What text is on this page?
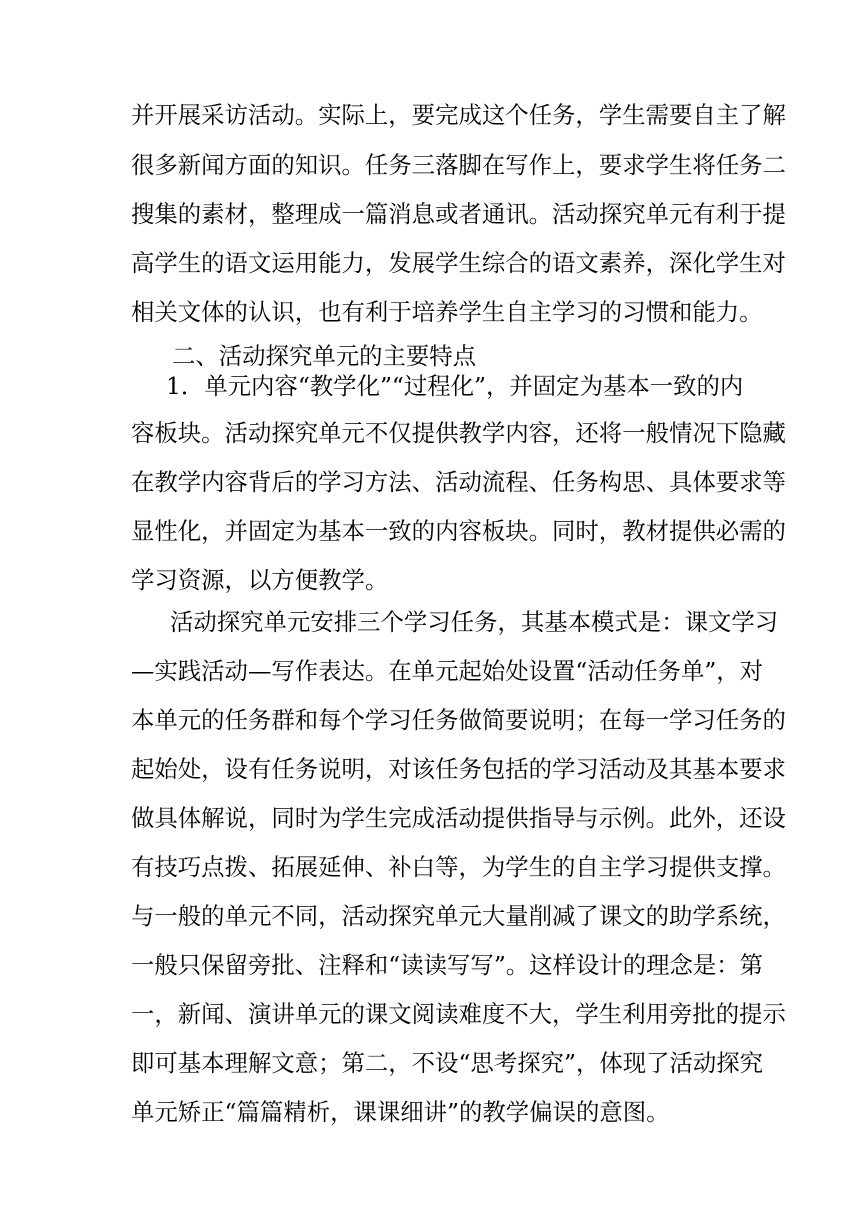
并开展采访活动。实际上，要完成这个任务，学生需要自主了解
很多新闻方面的知识。任务三落脚在写作上，要求学生将任务二
搜集的素材，整理成一篇消息或者通讯。活动探究单元有利于提
高学生的语文运用能力，发展学生综合的语文素养，深化学生对
相关文体的认识，也有利于培养学生自主学习的习惯和能力。
二、活动探究单元的主要特点
1．单元内容“教学化”“过程化”，并固定为基本一致的内
容板块。活动探究单元不仅提供教学内容，还将一般情况下隐藏
在教学内容背后的学习方法、活动流程、任务构思、具体要求等
显性化，并固定为基本一致的内容板块。同时，教材提供必需的
学习资源，以方便教学。
活动探究单元安排三个学习任务，其基本模式是：课文学习
—实践活动—写作表达。在单元起始处设置“活动任务单”，对
本单元的任务群和每个学习任务做简要说明；在每一学习任务的
起始处，设有任务说明，对该任务包括的学习活动及其基本要求
做具体解说，同时为学生完成活动提供指导与示例。此外，还设
有技巧点拨、拓展延伸、补白等，为学生的自主学习提供支撑。
与一般的单元不同，活动探究单元大量削减了课文的助学系统，
一般只保留旁批、注释和“读读写写”。这样设计的理念是：第
一，新闻、演讲单元的课文阅读难度不大，学生利用旁批的提示
即可基本理解文意；第二，不设“思考探究”，体现了活动探究
单元矫正“篇篇精析，课课细讲”的教学偏误的意图。
